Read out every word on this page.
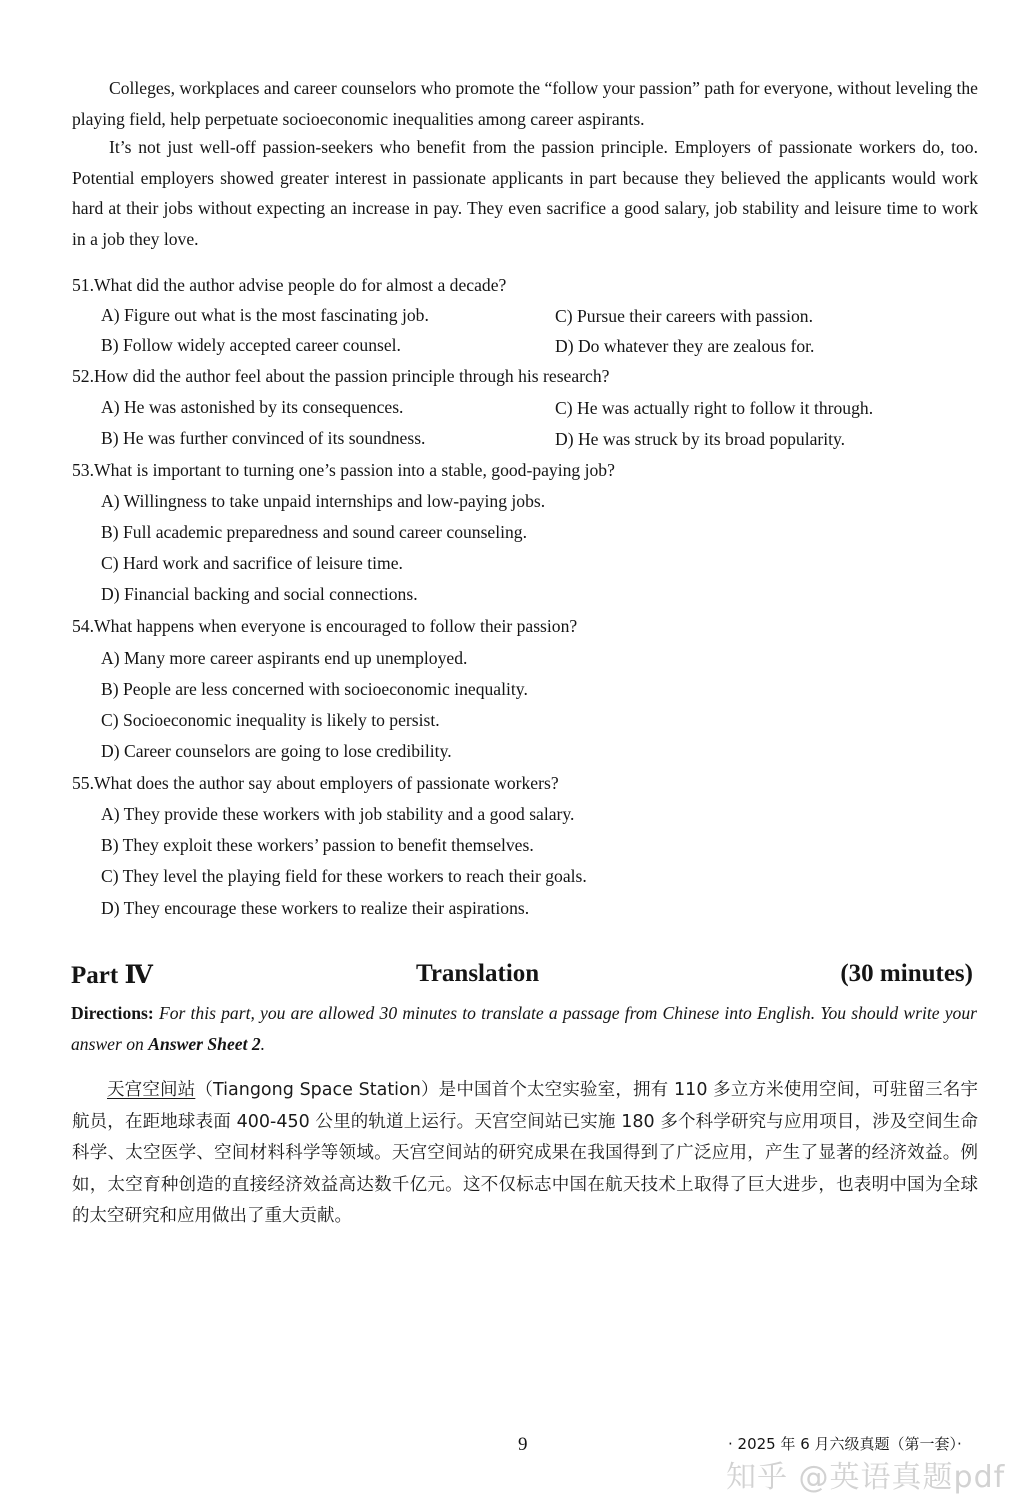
Colleges, workplaces and career counselors who promote the “follow your passion” path for everyone, without leveling the playing field, help perpetuate socioeconomic inequalities among career aspirants.

It’s not just well-off passion-seekers who benefit from the passion principle. Employers of passionate workers do, too. Potential employers showed greater interest in passionate applicants in part because they believed the applicants would work hard at their jobs without expecting an increase in pay. They even sacrifice a good salary, job stability and leisure time to work in a job they love.

51.What did the author advise people do for almost a decade?
A) Figure out what is the most fascinating job.	C) Pursue their careers with passion.
B) Follow widely accepted career counsel.	D) Do whatever they are zealous for.
52.How did the author feel about the passion principle through his research?
A) He was astonished by its consequences.	C) He was actually right to follow it through.
B) He was further convinced of its soundness.	D) He was struck by its broad popularity.
53.What is important to turning one’s passion into a stable, good-paying job?
A) Willingness to take unpaid internships and low-paying jobs.
B) Full academic preparedness and sound career counseling.
C) Hard work and sacrifice of leisure time.
D) Financial backing and social connections.
54.What happens when everyone is encouraged to follow their passion?
A) Many more career aspirants end up unemployed.
B) People are less concerned with socioeconomic inequality.
C) Socioeconomic inequality is likely to persist.
D) Career counselors are going to lose credibility.
55.What does the author say about employers of passionate workers?
A) They provide these workers with job stability and a good salary.
B) They exploit these workers’ passion to benefit themselves.
C) They level the playing field for these workers to reach their goals.
D) They encourage these workers to realize their aspirations.
Part Ⅳ	Translation	(30 minutes)

Directions: For this part, you are allowed 30 minutes to translate a passage from Chinese into English. You should write your answer on Answer Sheet 2.

天宫空间站（Tiangong Space Station）是中国首个太空实验室，拥有 110 多立方米使用空间，可驻留三名宇航员，在距地球表面 400-450 公里的轨道上运行。天宫空间站已实施 180 多个科学研究与应用项目，涉及空间生命科学、太空医学、空间材料科学等领域。天宫空间站的研究成果在我国得到了广泛应用，产生了显著的经济效益。例如，太空育种创造的直接经济效益高达数千亿元。这不仅标志中国在航天技术上取得了巨大进步，也表明中国为全球的太空研究和应用做出了重大贡献。

9	· 2025 年 6 月六级真题（第一套）·
知乎 @英语真题pdf
